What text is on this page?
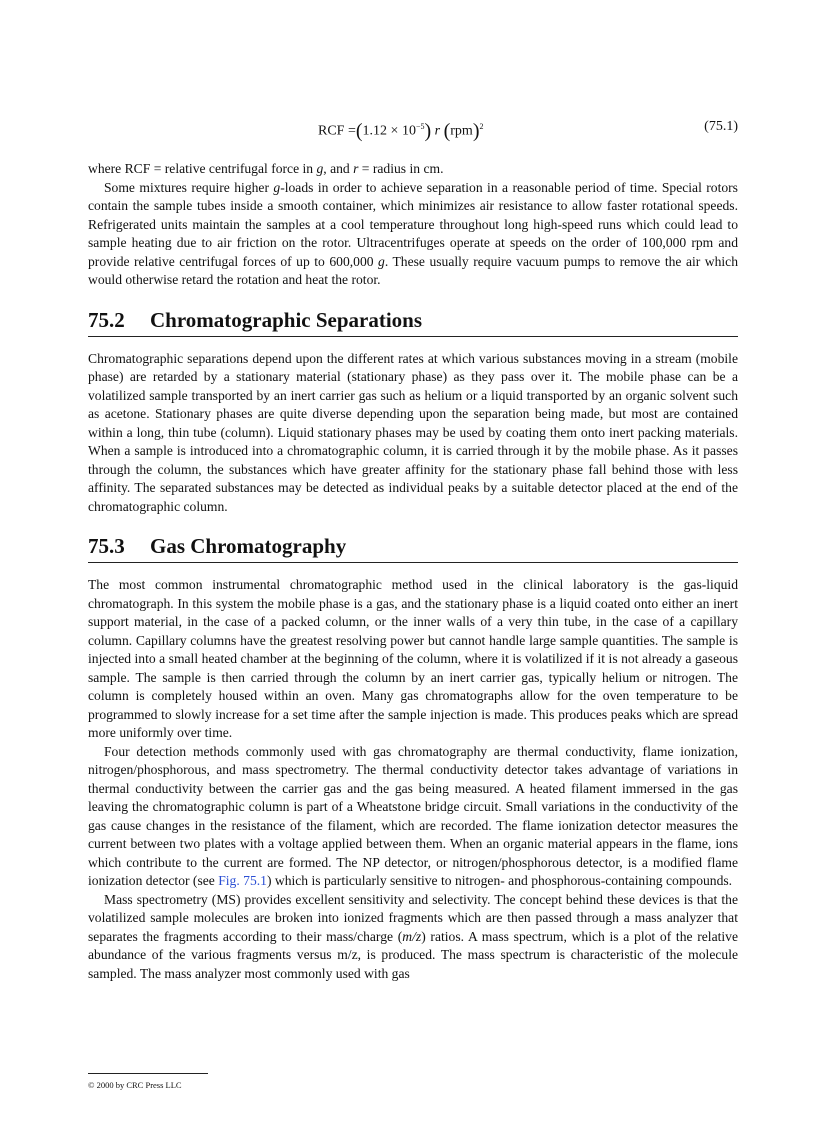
RCF $=(1.12 \times 10^{-5})$ r (rpm)$^2$	(75.1)

where RCF = relative centrifugal force in g, and r = radius in cm.

Some mixtures require higher g-loads in order to achieve separation in a reasonable period of time. Special rotors contain the sample tubes inside a smooth container, which minimizes air resistance to allow faster rotational speeds. Refrigerated units maintain the samples at a cool temperature throughout long high-speed runs which could lead to sample heating due to air friction on the rotor. Ultracentrifuges operate at speeds on the order of 100,000 rpm and provide relative centrifugal forces of up to 600,000 g. These usually require vacuum pumps to remove the air which would otherwise retard the rotation and heat the rotor.

75.2 Chromatographic Separations

Chromatographic separations depend upon the different rates at which various substances moving in a stream (mobile phase) are retarded by a stationary material (stationary phase) as they pass over it. The mobile phase can be a volatilized sample transported by an inert carrier gas such as helium or a liquid transported by an organic solvent such as acetone. Stationary phases are quite diverse depending upon the separation being made, but most are contained within a long, thin tube (column). Liquid stationary phases may be used by coating them onto inert packing materials. When a sample is introduced into a chromatographic column, it is carried through it by the mobile phase. As it passes through the column, the substances which have greater affinity for the stationary phase fall behind those with less affinity. The separated substances may be detected as individual peaks by a suitable detector placed at the end of the chromatographic column.

75.3 Gas Chromatography

The most common instrumental chromatographic method used in the clinical laboratory is the gas-liquid chromatograph. In this system the mobile phase is a gas, and the stationary phase is a liquid coated onto either an inert support material, in the case of a packed column, or the inner walls of a very thin tube, in the case of a capillary column. Capillary columns have the greatest resolving power but cannot handle large sample quantities. The sample is injected into a small heated chamber at the beginning of the column, where it is volatilized if it is not already a gaseous sample. The sample is then carried through the column by an inert carrier gas, typically helium or nitrogen. The column is completely housed within an oven. Many gas chromatographs allow for the oven temperature to be programmed to slowly increase for a set time after the sample injection is made. This produces peaks which are spread more uniformly over time.

Four detection methods commonly used with gas chromatography are thermal conductivity, flame ionization, nitrogen/phosphorous, and mass spectrometry. The thermal conductivity detector takes advantage of variations in thermal conductivity between the carrier gas and the gas being measured. A heated filament immersed in the gas leaving the chromatographic column is part of a Wheatstone bridge circuit. Small variations in the conductivity of the gas cause changes in the resistance of the filament, which are recorded. The flame ionization detector measures the current between two plates with a voltage applied between them. When an organic material appears in the flame, ions which contribute to the current are formed. The NP detector, or nitrogen/phosphorous detector, is a modified flame ionization detector (see Fig. 75.1) which is particularly sensitive to nitrogen- and phosphorous-containing compounds.

Mass spectrometry (MS) provides excellent sensitivity and selectivity. The concept behind these devices is that the volatilized sample molecules are broken into ionized fragments which are then passed through a mass analyzer that separates the fragments according to their mass/charge (m/z) ratios. A mass spectrum, which is a plot of the relative abundance of the various fragments versus m/z, is produced. The mass spectrum is characteristic of the molecule sampled. The mass analyzer most commonly used with gas

© 2000 by CRC Press LLC
